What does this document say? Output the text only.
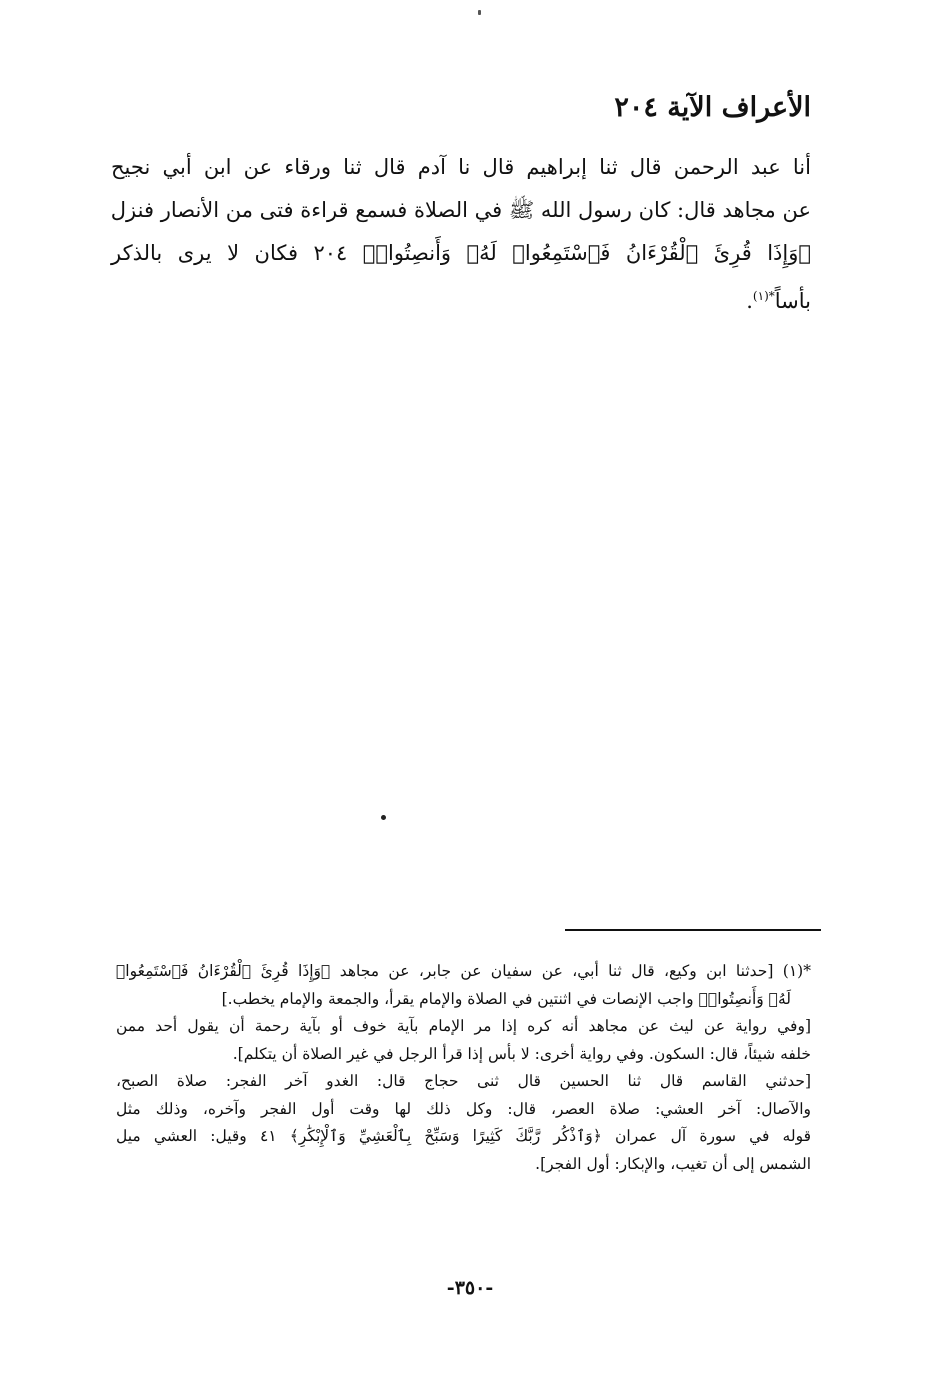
الأعراف الآية ٢٠٤

أنا عبد الرحمن قال ثنا إبراهيم قال نا آدم قال ثنا ورقاء عن ابن أبي نجيح

عن مجاهد قال: كان رسول الله ﷺ في الصلاة فسمع قراءة فتى من الأنصار فنزل

﴿وَإِذَا قُرِئَ ٱلْقُرْءَانُ فَٱسْتَمِعُوا۟ لَهُۥ وَأَنصِتُوا۟﴾ ٢٠٤ فكان لا يرى بالذكر

بأساً$^{*(١)}$.

*(١) [حدثنا ابن وكيع، قال ثنا أبي، عن سفيان عن جابر، عن مجاهد ﴿وَإِذَا قُرِئَ ٱلْقُرْءَانُ فَٱسْتَمِعُوا۟

لَهُۥ وَأَنصِتُوا۟﴾ واجب الإنصات في اثنتين في الصلاة والإمام يقرأ، والجمعة والإمام يخطب.]

[وفي رواية عن ليث عن مجاهد أنه كره إذا مر الإمام بآية خوف أو بآية رحمة أن يقول أحد ممن

خلفه شيئاً، قال: السكون. وفي رواية أخرى: لا بأس إذا قرأ الرجل في غير الصلاة أن يتكلم].

[حدثني القاسم قال ثنا الحسين قال ثنى حجاج قال: الغدو آخر الفجر: صلاة الصبح،

والآصال: آخر العشي: صلاة العصر، قال: وكل ذلك لها وقت أول الفجر وآخره، وذلك مثل

قوله في سورة آل عمران ﴿وَٱذْكُر رَّبَّكَ كَثِيرًا وَسَبِّحْ بِٱلْعَشِيِّ وَٱلْإِبْكَٰرِ﴾ ٤١ وقيل: العشي ميل

الشمس إلى أن تغيب، والإبكار: أول الفجر].

-٣٥٠-
